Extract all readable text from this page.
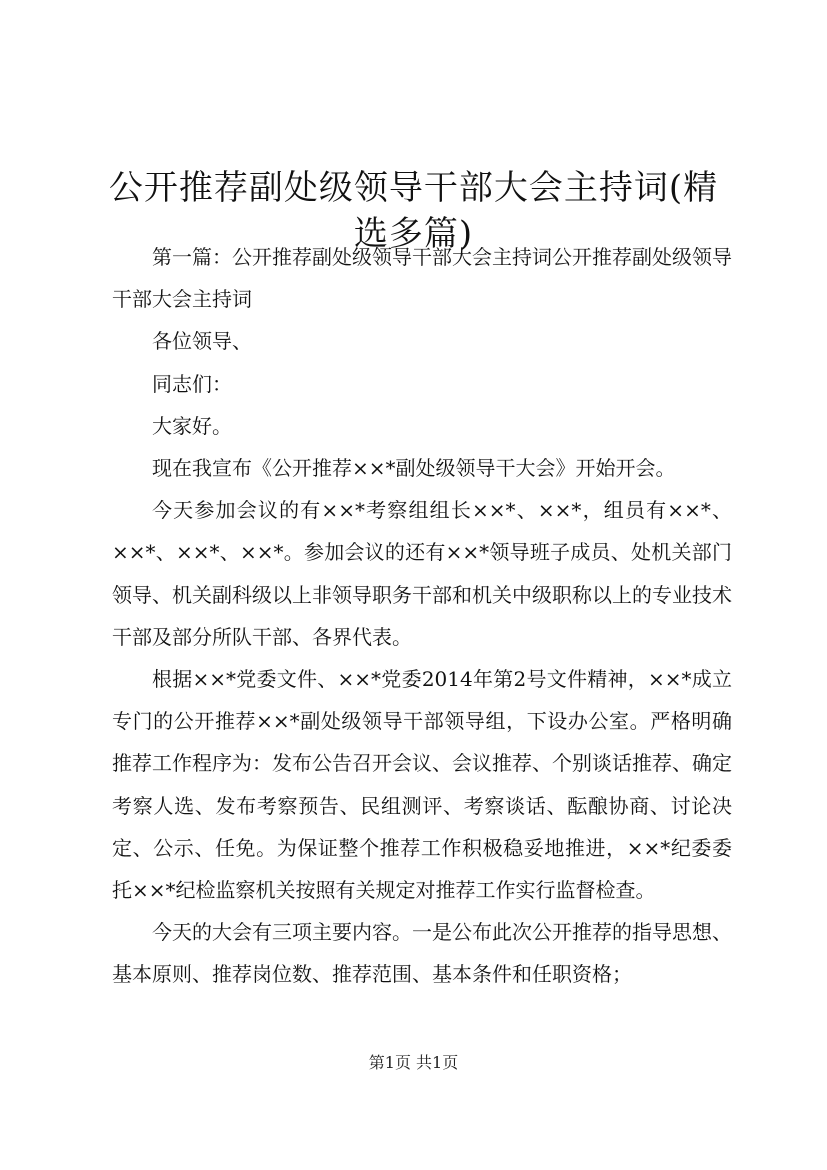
公开推荐副处级领导干部大会主持词(精选多篇)

第一篇：公开推荐副处级领导干部大会主持词公开推荐副处级领导干部大会主持词

各位领导、

同志们：

大家好。

现在我宣布《公开推荐××*副处级领导干大会》开始开会。

今天参加会议的有××*考察组组长××*、××*，组员有××*、××*、××*、××*。参加会议的还有××*领导班子成员、处机关部门领导、机关副科级以上非领导职务干部和机关中级职称以上的专业技术干部及部分所队干部、各界代表。

根据××*党委文件、××*党委2014年第2号文件精神，××*成立专门的公开推荐××*副处级领导干部领导组，下设办公室。严格明确推荐工作程序为：发布公告召开会议、会议推荐、个别谈话推荐、确定考察人选、发布考察预告、民组测评、考察谈话、酝酿协商、讨论决定、公示、任免。为保证整个推荐工作积极稳妥地推进，××*纪委委托××*纪检监察机关按照有关规定对推荐工作实行监督检查。

今天的大会有三项主要内容。一是公布此次公开推荐的指导思想、基本原则、推荐岗位数、推荐范围、基本条件和任职资格；

第1页 共1页
